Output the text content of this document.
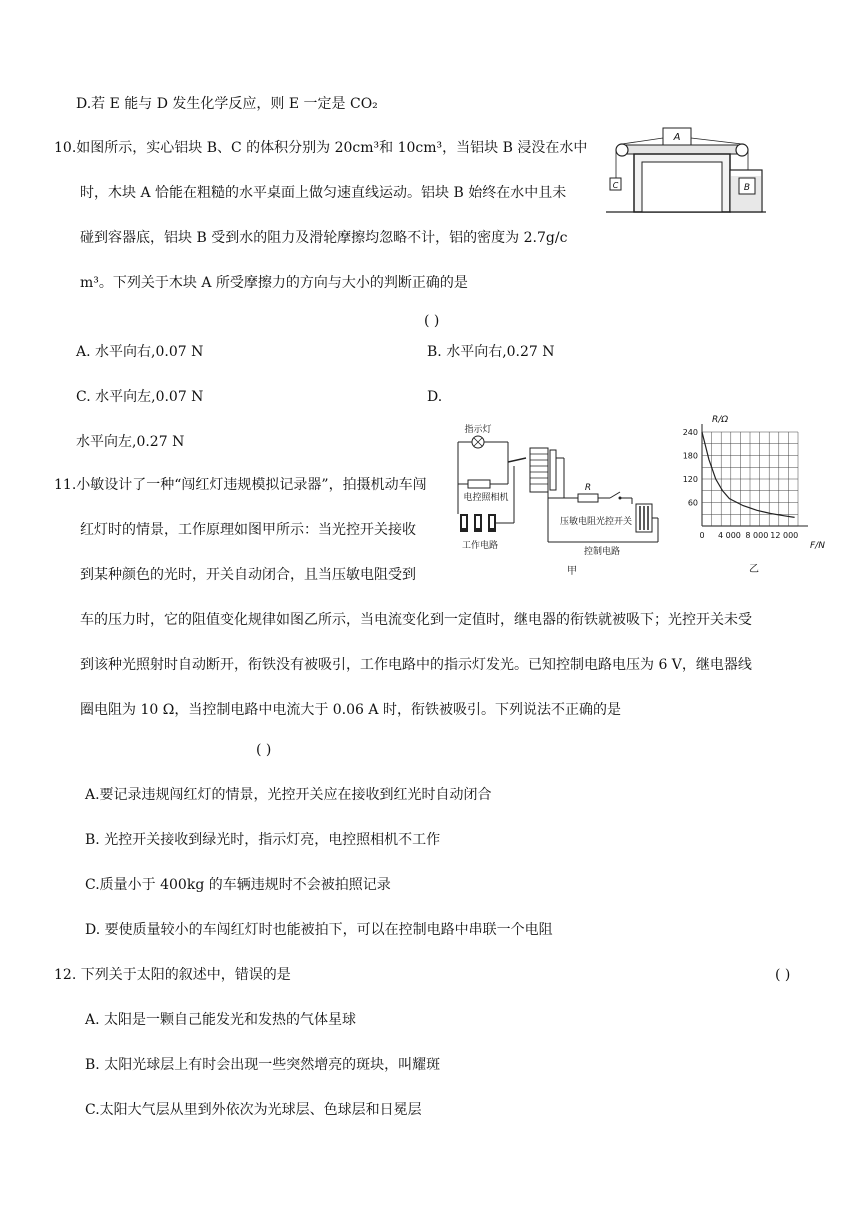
D.若 E 能与 D 发生化学反应，则 E 一定是 CO₂
10.如图所示，实心铝块 B、C 的体积分别为 20cm³和 10cm³，当铝块 B 浸没在水中
时，木块 A 恰能在粗糙的水平桌面上做匀速直线运动。铝块 B 始终在水中且未
碰到容器底，铝块 B 受到水的阻力及滑轮摩擦均忽略不计，铝的密度为 2.7g/c
m³。下列关于木块 A 所受摩擦力的方向与大小的判断正确的是
( )
A. 水平向右,0.07 N	B. 水平向右,0.27 N
C. 水平向左,0.07 N	D.
水平向左,0.27 N
A
C	B
11.小敏设计了一种“闯红灯违规模拟记录器”，拍摄机动车闯
红灯时的情景，工作原理如图甲所示：当光控开关接收
到某种颜色的光时，开关自动闭合，且当压敏电阻受到
车的压力时，它的阻值变化规律如图乙所示，当电流变化到一定值时，继电器的衔铁就被吸下；光控开关未受
到该种光照射时自动断开，衔铁没有被吸引，工作电路中的指示灯发光。已知控制电路电压为 6 V，继电器线
圈电阻为 10 Ω，当控制电路中电流大于 0.06 A 时，衔铁被吸引。下列说法不正确的是
( )
A.要记录违规闯红灯的情景，光控开关应在接收到红光时自动闭合
B. 光控开关接收到绿光时，指示灯亮，电控照相机不工作
C.质量小于 400kg 的车辆违规时不会被拍照记录
D. 要使质量较小的车闯红灯时也能被拍下，可以在控制电路中串联一个电阻
指示灯
电控照相机
工作电路
R
压敏电阻光控开关
控制电路
甲
R/Ω
F/N
60
120
180
240
0 4 000 8 000 12 000
乙
12. 下列关于太阳的叙述中，错误的是	( )
A. 太阳是一颗自己能发光和发热的气体星球
B. 太阳光球层上有时会出现一些突然增亮的斑块，叫耀斑
C.太阳大气层从里到外依次为光球层、色球层和日冕层
